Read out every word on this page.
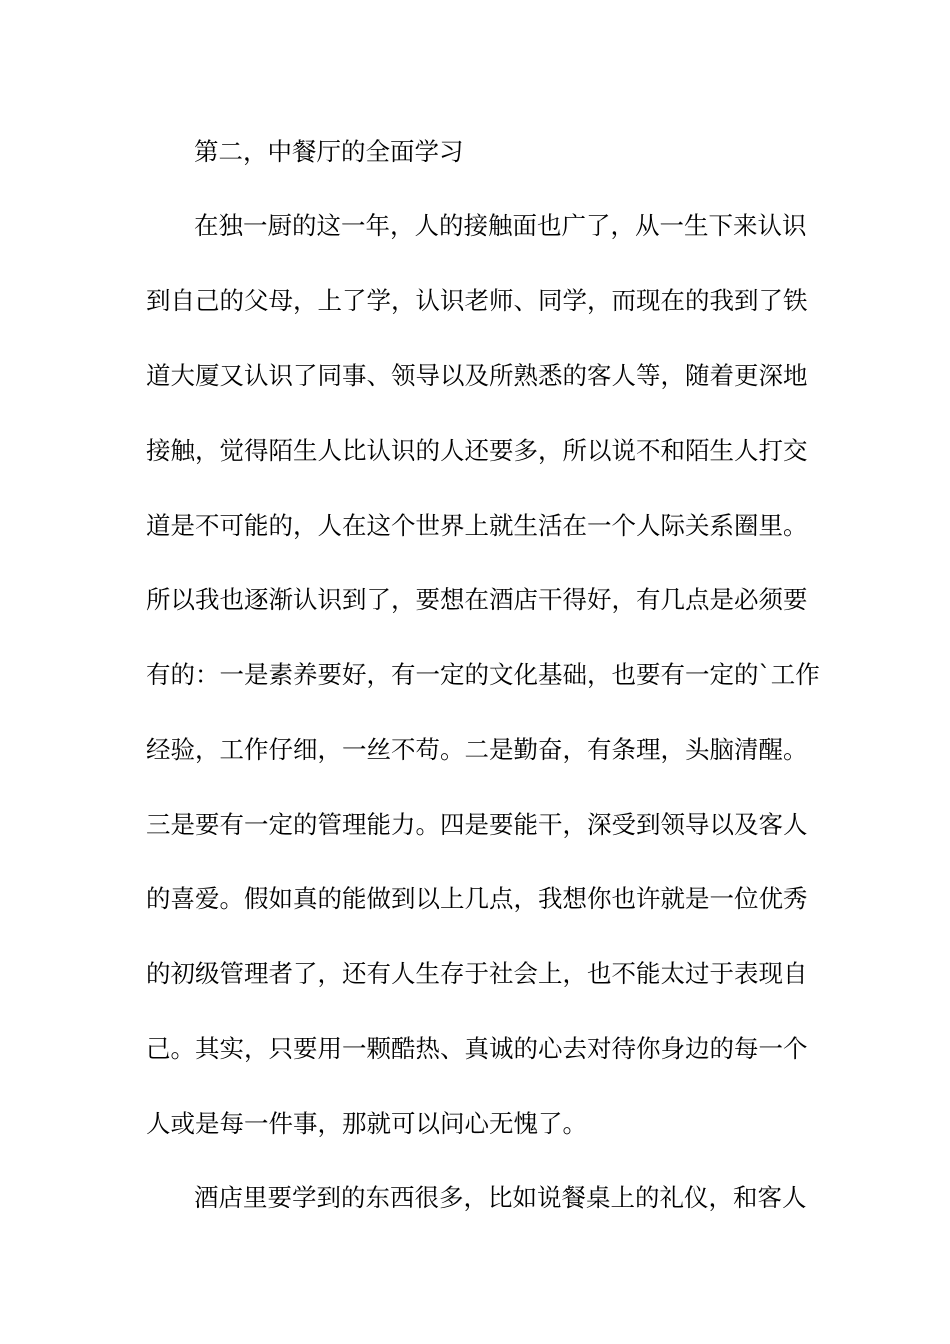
第二，中餐厅的全面学习
在独一厨的这一年，人的接触面也广了，从一生下来认识
到自己的父母，上了学，认识老师、同学，而现在的我到了铁
道大厦又认识了同事、领导以及所熟悉的客人等，随着更深地
接触，觉得陌生人比认识的人还要多，所以说不和陌生人打交
道是不可能的，人在这个世界上就生活在一个人际关系圈里。
所以我也逐渐认识到了，要想在酒店干得好，有几点是必须要
有的：一是素养要好，有一定的文化基础，也要有一定的`工作
经验，工作仔细，一丝不苟。二是勤奋，有条理，头脑清醒。
三是要有一定的管理能力。四是要能干，深受到领导以及客人
的喜爱。假如真的能做到以上几点，我想你也许就是一位优秀
的初级管理者了，还有人生存于社会上，也不能太过于表现自
己。其实，只要用一颗酷热、真诚的心去对待你身边的每一个
人或是每一件事，那就可以问心无愧了。
酒店里要学到的东西很多，比如说餐桌上的礼仪，和客人
